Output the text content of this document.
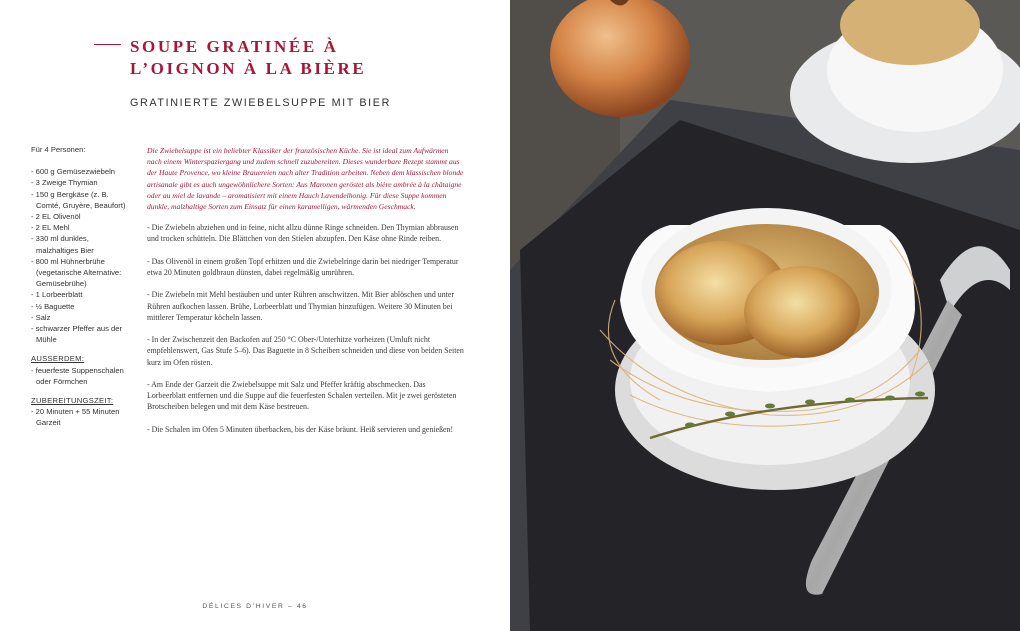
SOUPE GRATINÉE À
L’OIGNON À LA BIÈRE
GRATINIERTE ZWIEBELSUPPE MIT BIER

Für 4 Personen:

- 600 g Gemüsezwiebeln
- 3 Zweige Thymian
- 150 g Bergkäse (z. B. Comté, Gruyère, Beaufort)
- 2 EL Olivenöl
- 2 EL Mehl
- 330 ml dunkles, malzhaltiges Bier
- 800 ml Hühnerbrühe (vegetarische Alternative: Gemüsebrühe)
- 1 Lorbeerblatt
- ½ Baguette
- Salz
- schwarzer Pfeffer aus der Mühle

AUSSERDEM:

- feuerfeste Suppenschalen oder Förmchen

ZUBEREITUNGSZEIT:

- 20 Minuten + 55 Minuten Garzeit

Die Zwiebelsuppe ist ein beliebter Klassiker der französischen Küche. Sie ist ideal zum Aufwärmen nach einem Winterspaziergang und zudem schnell zuzubereiten. Dieses wunderbare Rezept stammt aus der Haute Provence, wo kleine Brauereien nach alter Tradition arbeiten. Neben dem klassischen blonde artisanale gibt es auch ungewöhnlichere Sorten: Aus Maronen geröstet als bière ambrée à la châtaigne oder au miel de lavande – aromatisiert mit einem Hauch Lavendelhonig. Für diese Suppe kommen dunkle, malzhaltige Sorten zum Einsatz für einen karamelligen, wärmenden Geschmack.

- Die Zwiebeln abziehen und in feine, nicht allzu dünne Ringe schneiden. Den Thymian abbrausen und trocken schütteln. Die Blättchen von den Stielen abzupfen. Den Käse ohne Rinde reiben.
- Das Olivenöl in einem großen Topf erhitzen und die Zwiebelringe darin bei niedriger Temperatur etwa 20 Minuten goldbraun dünsten, dabei regelmäßig umrühren.
- Die Zwiebeln mit Mehl bestäuben und unter Rühren anschwitzen. Mit Bier ablöschen und unter Rühren aufkochen lassen. Brühe, Lorbeerblatt und Thymian hinzufügen. Weitere 30 Minuten bei mittlerer Temperatur köcheln lassen.
- In der Zwischenzeit den Backofen auf 250 °C Ober-/Unterhitze vorheizen (Umluft nicht empfehlenswert, Gas Stufe 5–6). Das Baguette in 8 Scheiben schneiden und diese von beiden Seiten kurz im Ofen rösten.
- Am Ende der Garzeit die Zwiebelsuppe mit Salz und Pfeffer kräftig abschmecken. Das Lorbeerblatt entfernen und die Suppe auf die feuerfesten Schalen verteilen. Mit je zwei gerösteten Brotscheiben belegen und mit dem Käse bestreuen.
- Die Schalen im Ofen 5 Minuten überbacken, bis der Käse bräunt. Heiß servieren und genießen!
DÉLICES D’HIVER – 46
